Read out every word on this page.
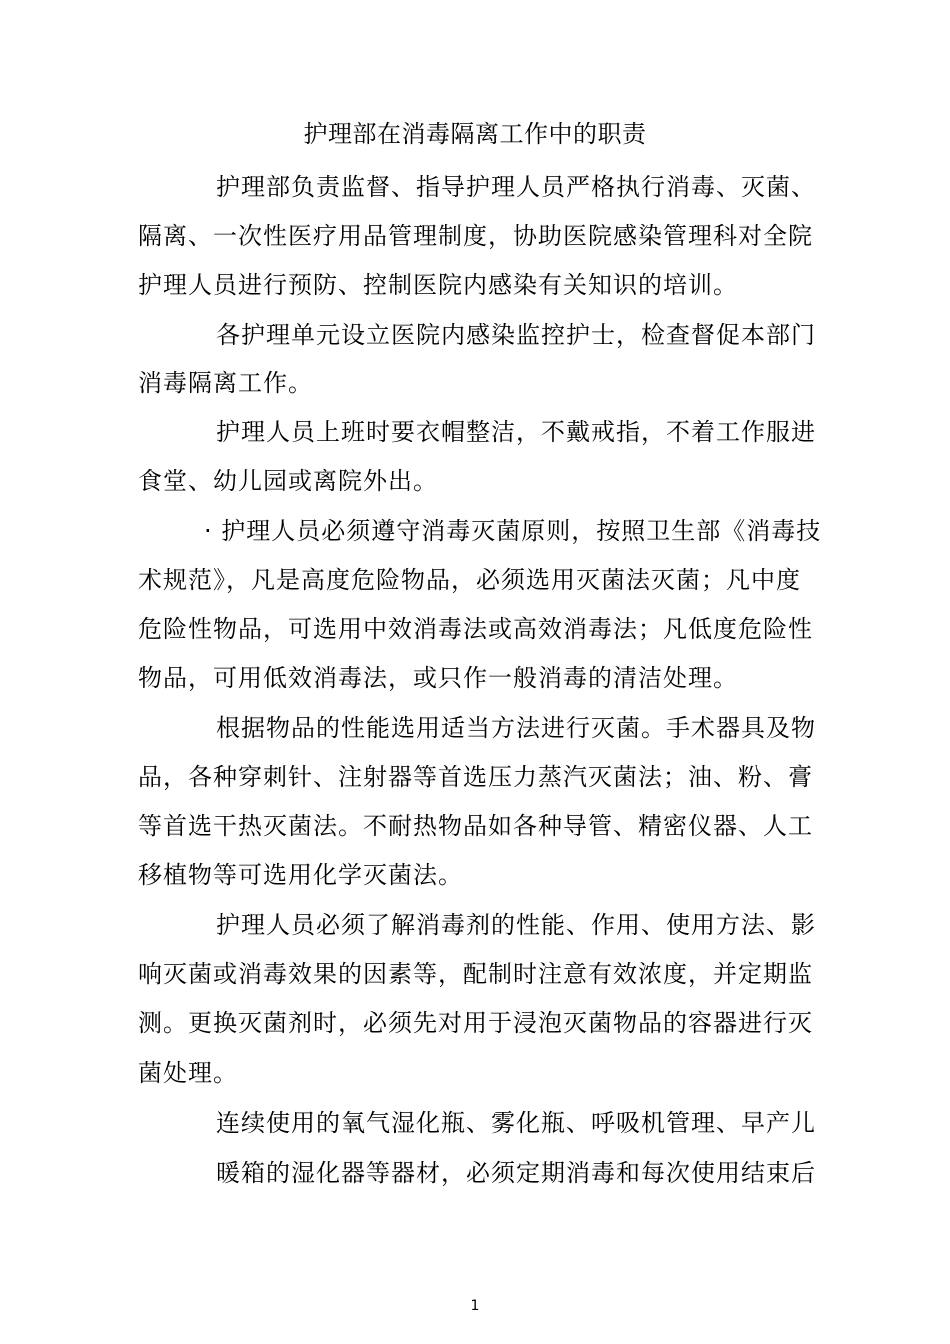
护理部在消毒隔离工作中的职责
护理部负责监督、指导护理人员严格执行消毒、灭菌、
隔离、一次性医疗用品管理制度，协助医院感染管理科对全院
护理人员进行预防、控制医院内感染有关知识的培训。
各护理单元设立医院内感染监控护士，检查督促本部门
消毒隔离工作。
护理人员上班时要衣帽整洁，不戴戒指，不着工作服进
食堂、幼儿园或离院外出。
· 护理人员必须遵守消毒灭菌原则，按照卫生部《消毒技
术规范》，凡是高度危险物品，必须选用灭菌法灭菌；凡中度
危险性物品，可选用中效消毒法或高效消毒法；凡低度危险性
物品，可用低效消毒法，或只作一般消毒的清洁处理。
根据物品的性能选用适当方法进行灭菌。手术器具及物
品，各种穿刺针、注射器等首选压力蒸汽灭菌法；油、粉、膏
等首选干热灭菌法。不耐热物品如各种导管、精密仪器、人工
移植物等可选用化学灭菌法。
护理人员必须了解消毒剂的性能、作用、使用方法、影
响灭菌或消毒效果的因素等，配制时注意有效浓度，并定期监
测。更换灭菌剂时，必须先对用于浸泡灭菌物品的容器进行灭
菌处理。
连续使用的氧气湿化瓶、雾化瓶、呼吸机管理、早产儿
暖箱的湿化器等器材，必须定期消毒和每次使用结束后
1
